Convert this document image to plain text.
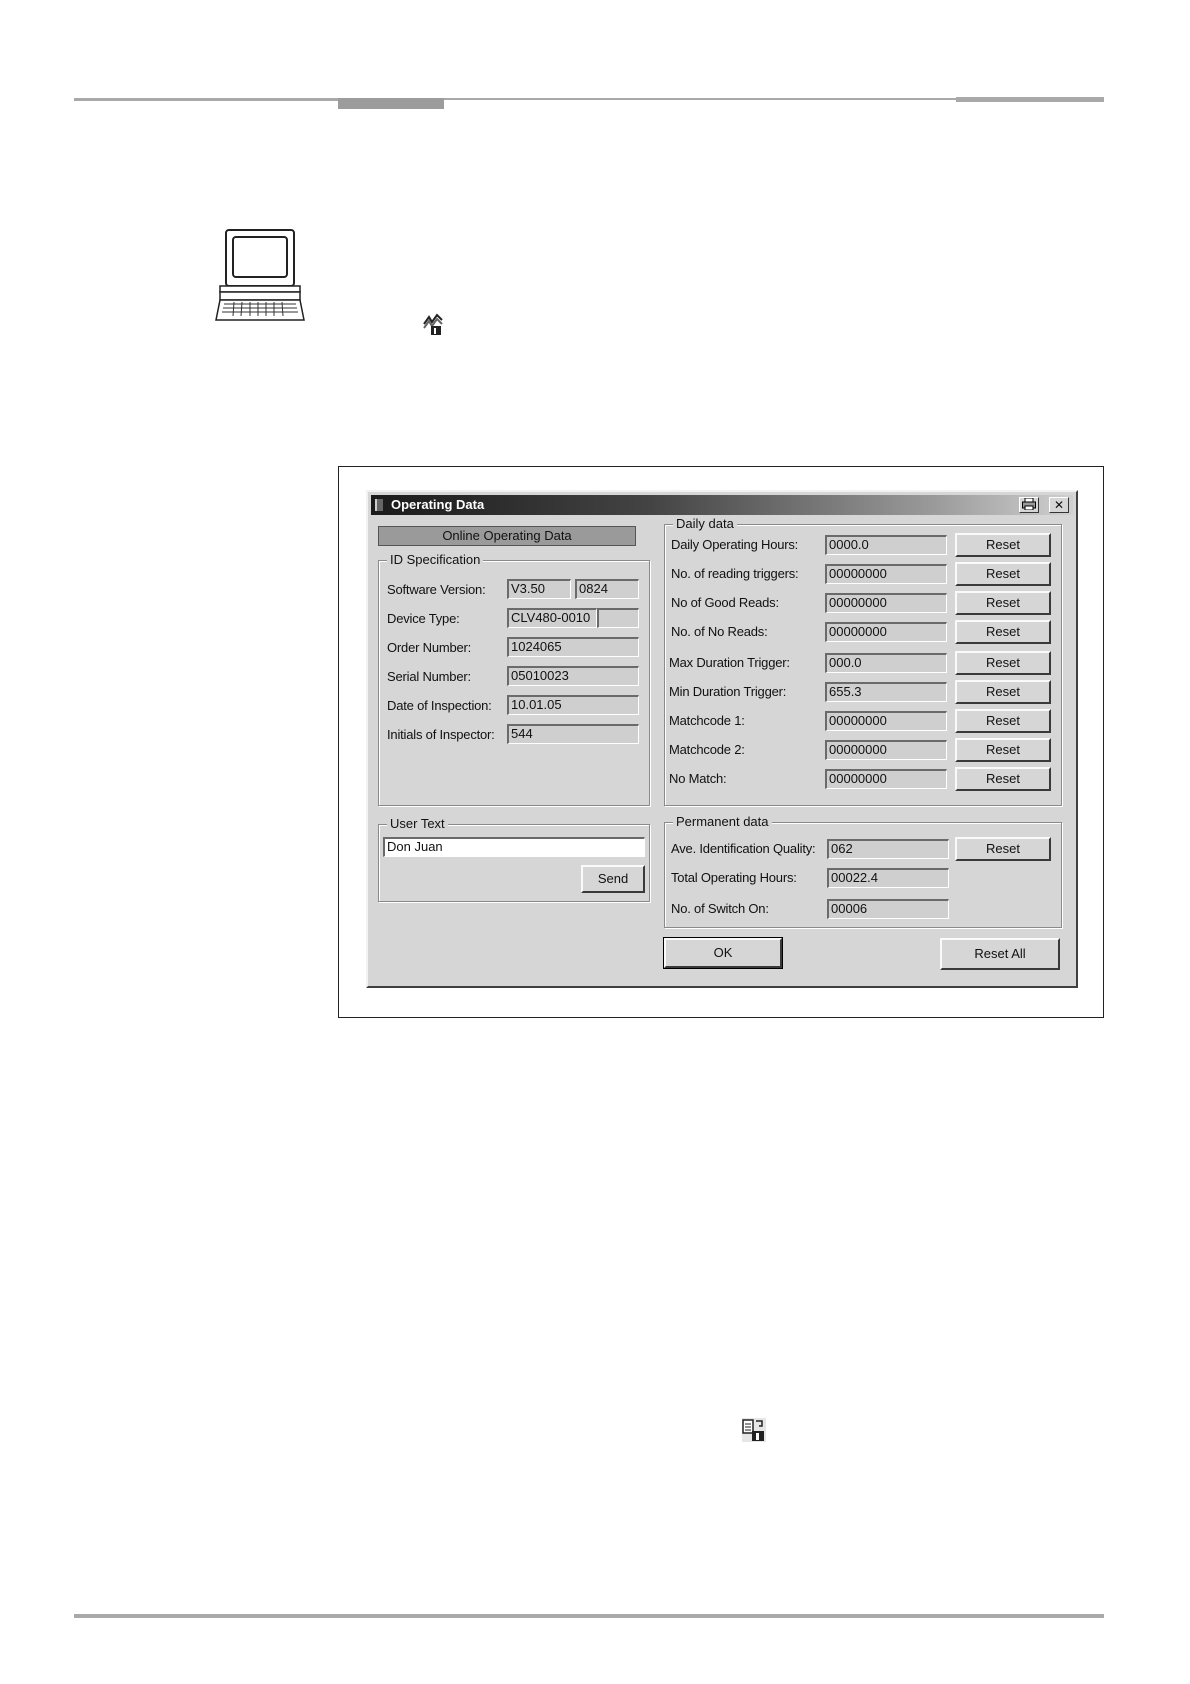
Operating Data	✕
Online Operating Data
ID Specification
Software Version:	V3.50	0824
Device Type:	CLV480-0010
Order Number:	1024065
Serial Number:	05010023
Date of Inspection:	10.01.05
Initials of Inspector:	544
User Text
Don Juan
Send
Daily data
Daily Operating Hours:	0000.0	Reset
No. of reading triggers:	00000000	Reset
No of Good Reads:	00000000	Reset
No. of No Reads:	00000000	Reset
Max Duration Trigger:	000.0	Reset
Min Duration Trigger:	655.3	Reset
Matchcode 1:	00000000	Reset
Matchcode 2:	00000000	Reset
No Match:	00000000	Reset
Permanent data
Ave. Identification Quality:	062	Reset
Total Operating Hours:	00022.4
No. of Switch On:	00006
OK	Reset All
